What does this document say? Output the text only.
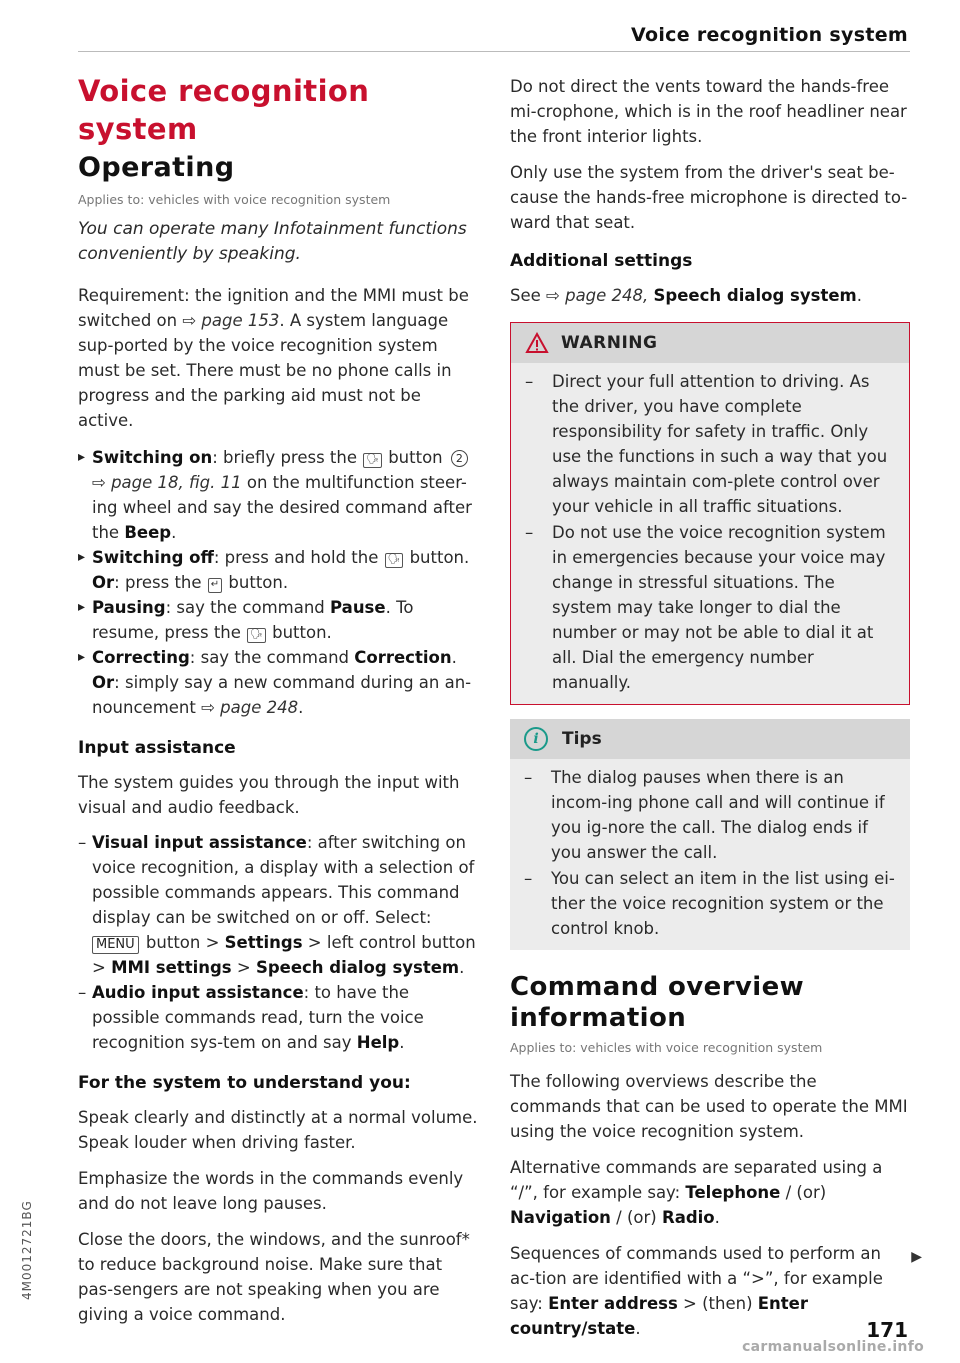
Voice recognition system
Voice recognition system
Operating
Applies to: vehicles with voice recognition system

You can operate many Infotainment functions conveniently by speaking.

Requirement: the ignition and the MMI must be switched on ⇨ page 153. A system language sup-ported by the voice recognition system must be set. There must be no phone calls in progress and the parking aid must not be active.

▸ Switching on: briefly press the 🗣 button 2
⇨ page 18, fig. 11 on the multifunction steer-ing wheel and say the desired command after the Beep.
▸ Switching off: press and hold the 🗣 button.
Or: press the ↵ button.
▸ Pausing: say the command Pause. To resume, press the 🗣 button.
▸ Correcting: say the command Correction. Or: simply say a new command during an an-nouncement ⇨ page 248.
Input assistance

The system guides you through the input with visual and audio feedback.

– Visual input assistance: after switching on voice recognition, a display with a selection of possible commands appears. This command display can be switched on or off. Select: MENU button > Settings > left control button > MMI settings > Speech dialog system.
– Audio input assistance: to have the possible commands read, turn the voice recognition sys-tem on and say Help.
For the system to understand you:

Speak clearly and distinctly at a normal volume. Speak louder when driving faster.

Emphasize the words in the commands evenly and do not leave long pauses.

Close the doors, the windows, and the sunroof* to reduce background noise. Make sure that pas-sengers are not speaking when you are giving a voice command.

Do not direct the vents toward the hands-free mi-crophone, which is in the roof headliner near the front interior lights.

Only use the system from the driver's seat be-cause the hands-free microphone is directed to-ward that seat.

Additional settings

See ⇨ page 248, Speech dialog system.

WARNING
– Direct your full attention to driving. As the driver, you have complete responsibility for safety in traffic. Only use the functions in such a way that you always maintain com-plete control over your vehicle in all traffic situations.
– Do not use the voice recognition system in emergencies because your voice may change in stressful situations. The system may take longer to dial the number or may not be able to dial it at all. Dial the emergency number manually.
i	Tips
– The dialog pauses when there is an incom-ing phone call and will continue if you ig-nore the call. The dialog ends if you answer the call.
– You can select an item in the list using ei-ther the voice recognition system or the control knob.
Command overview information
Applies to: vehicles with voice recognition system

The following overviews describe the commands that can be used to operate the MMI using the voice recognition system.

Alternative commands are separated using a “/”, for example say: Telephone / (or) Navigation / (or) Radio.

Sequences of commands used to perform an ac-tion are identified with a “>”, for example say: Enter address > (then) Enter country/state.

▶
4M0012721BG
171
carmanualsonline.info
